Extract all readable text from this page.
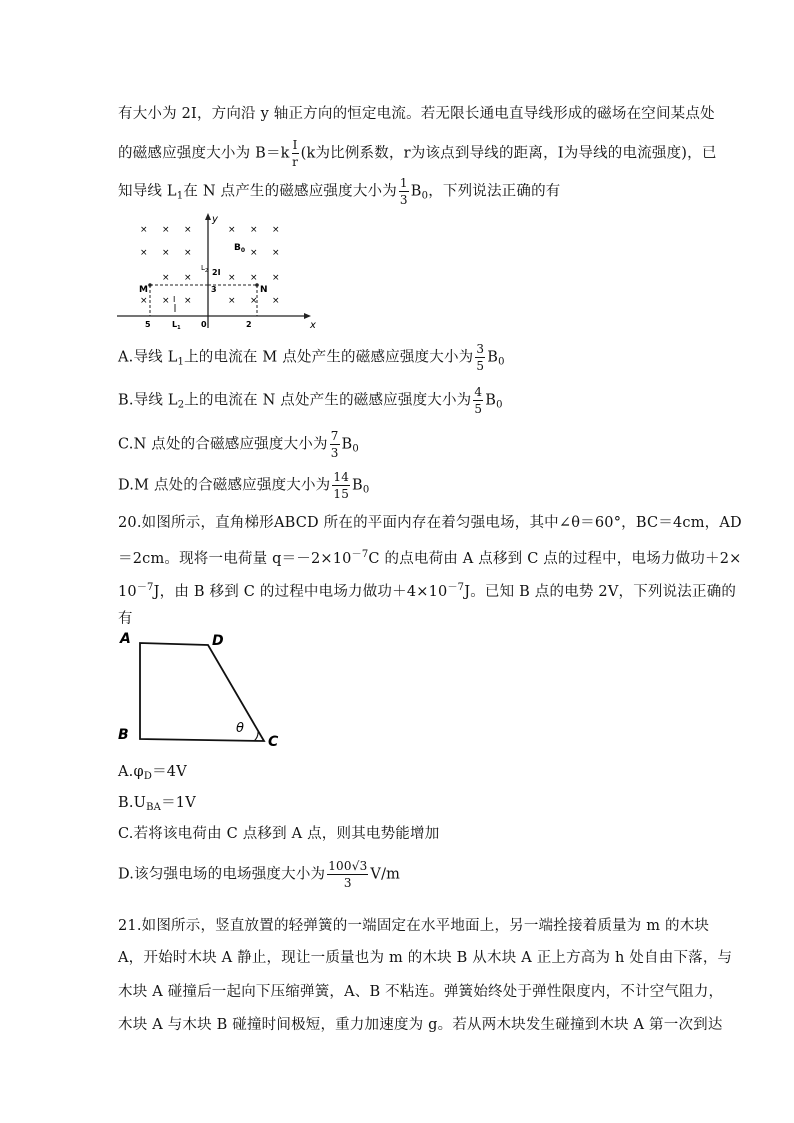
有大小为 2I，方向沿 y 轴正方向的恒定电流。若无限长通电直导线形成的磁场在空间某点处
的磁感应强度大小为 $B=k \frac{I}{r} (k$为比例系数，r为该点到导线的距离，I为导线的电流强度)，已
知导线 $L_1$在 N 点产生的磁感应强度大小为 $\frac{1}{3} B_0$，下列说法正确的有
x
y
× × ×	× × ×
× × ×	× ×
× ×	× × ×
× × ×	× × ×
$B_0$
$L_2$ 2I
M	N
3
I
$L_1$
5	0	2
A.导线 $L_1$上的电流在 M 点处产生的磁感应强度大小为 $\frac{3}{5} B_0$
B.导线 $L_2$上的电流在 N 点处产生的磁感应强度大小为 $\frac{4}{5} B_0$
C.N 点处的合磁感应强度大小为 $\frac{7}{3} B_0$
D.M 点处的合磁感应强度大小为 $\frac{14}{15} B_0$
20.如图所示，直角梯形ABCD 所在的平面内存在着匀强电场，其中∠θ＝60°，BC＝4cm，AD
＝2cm。现将一电荷量 $q=-2\times 10^{-7}C$ 的点电荷由 A 点移到 C 点的过程中，电场力做功＋2×
$10^{-7}J$，由 B 移到 C 的过程中电场力做功$+4\times 10^{-7}J$。已知 B 点的电势 2V，下列说法正确的
有
A	D
B	C
θ
$A.\varphi_D=4V$
$B.U_{BA}=1V$
C.若将该电荷由 C 点移到 A 点，则其电势能增加
D.该匀强电场的电场强度大小为 $\frac{100√3}{3} V/m$
21.如图所示，竖直放置的轻弹簧的一端固定在水平地面上，另一端拴接着质量为 m 的木块
A，开始时木块 A 静止，现让一质量也为 m 的木块 B 从木块 A 正上方高为 h 处自由下落，与
木块 A 碰撞后一起向下压缩弹簧，A、B 不粘连。弹簧始终处于弹性限度内，不计空气阻力，
木块 A 与木块 B 碰撞时间极短，重力加速度为 g。若从两木块发生碰撞到木块 A 第一次到达
